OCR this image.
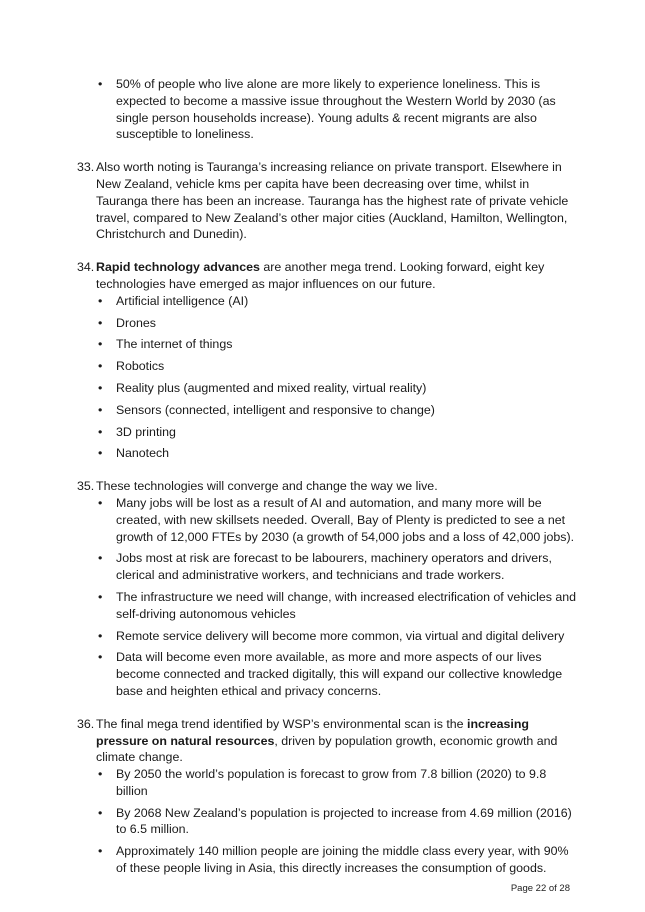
• 50% of people who live alone are more likely to experience loneliness. This is expected to become a massive issue throughout the Western World by 2030 (as single person households increase). Young adults & recent migrants are also susceptible to loneliness.
33. Also worth noting is Tauranga’s increasing reliance on private transport. Elsewhere in New Zealand, vehicle kms per capita have been decreasing over time, whilst in Tauranga there has been an increase. Tauranga has the highest rate of private vehicle travel, compared to New Zealand’s other major cities (Auckland, Hamilton, Wellington, Christchurch and Dunedin).
34. Rapid technology advances are another mega trend. Looking forward, eight key technologies have emerged as major influences on our future.
• Artificial intelligence (AI)
• Drones
• The internet of things
• Robotics
• Reality plus (augmented and mixed reality, virtual reality)
• Sensors (connected, intelligent and responsive to change)
• 3D printing
• Nanotech
35. These technologies will converge and change the way we live.
• Many jobs will be lost as a result of AI and automation, and many more will be created, with new skillsets needed. Overall, Bay of Plenty is predicted to see a net growth of 12,000 FTEs by 2030 (a growth of 54,000 jobs and a loss of 42,000 jobs).
• Jobs most at risk are forecast to be labourers, machinery operators and drivers, clerical and administrative workers, and technicians and trade workers.
• The infrastructure we need will change, with increased electrification of vehicles and self-driving autonomous vehicles
• Remote service delivery will become more common, via virtual and digital delivery
• Data will become even more available, as more and more aspects of our lives become connected and tracked digitally, this will expand our collective knowledge base and heighten ethical and privacy concerns.
36. The final mega trend identified by WSP’s environmental scan is the increasing pressure on natural resources, driven by population growth, economic growth and climate change.
• By 2050 the world’s population is forecast to grow from 7.8 billion (2020) to 9.8 billion
• By 2068 New Zealand’s population is projected to increase from 4.69 million (2016) to 6.5 million.
• Approximately 140 million people are joining the middle class every year, with 90% of these people living in Asia, this directly increases the consumption of goods.
Page 22 of 28
